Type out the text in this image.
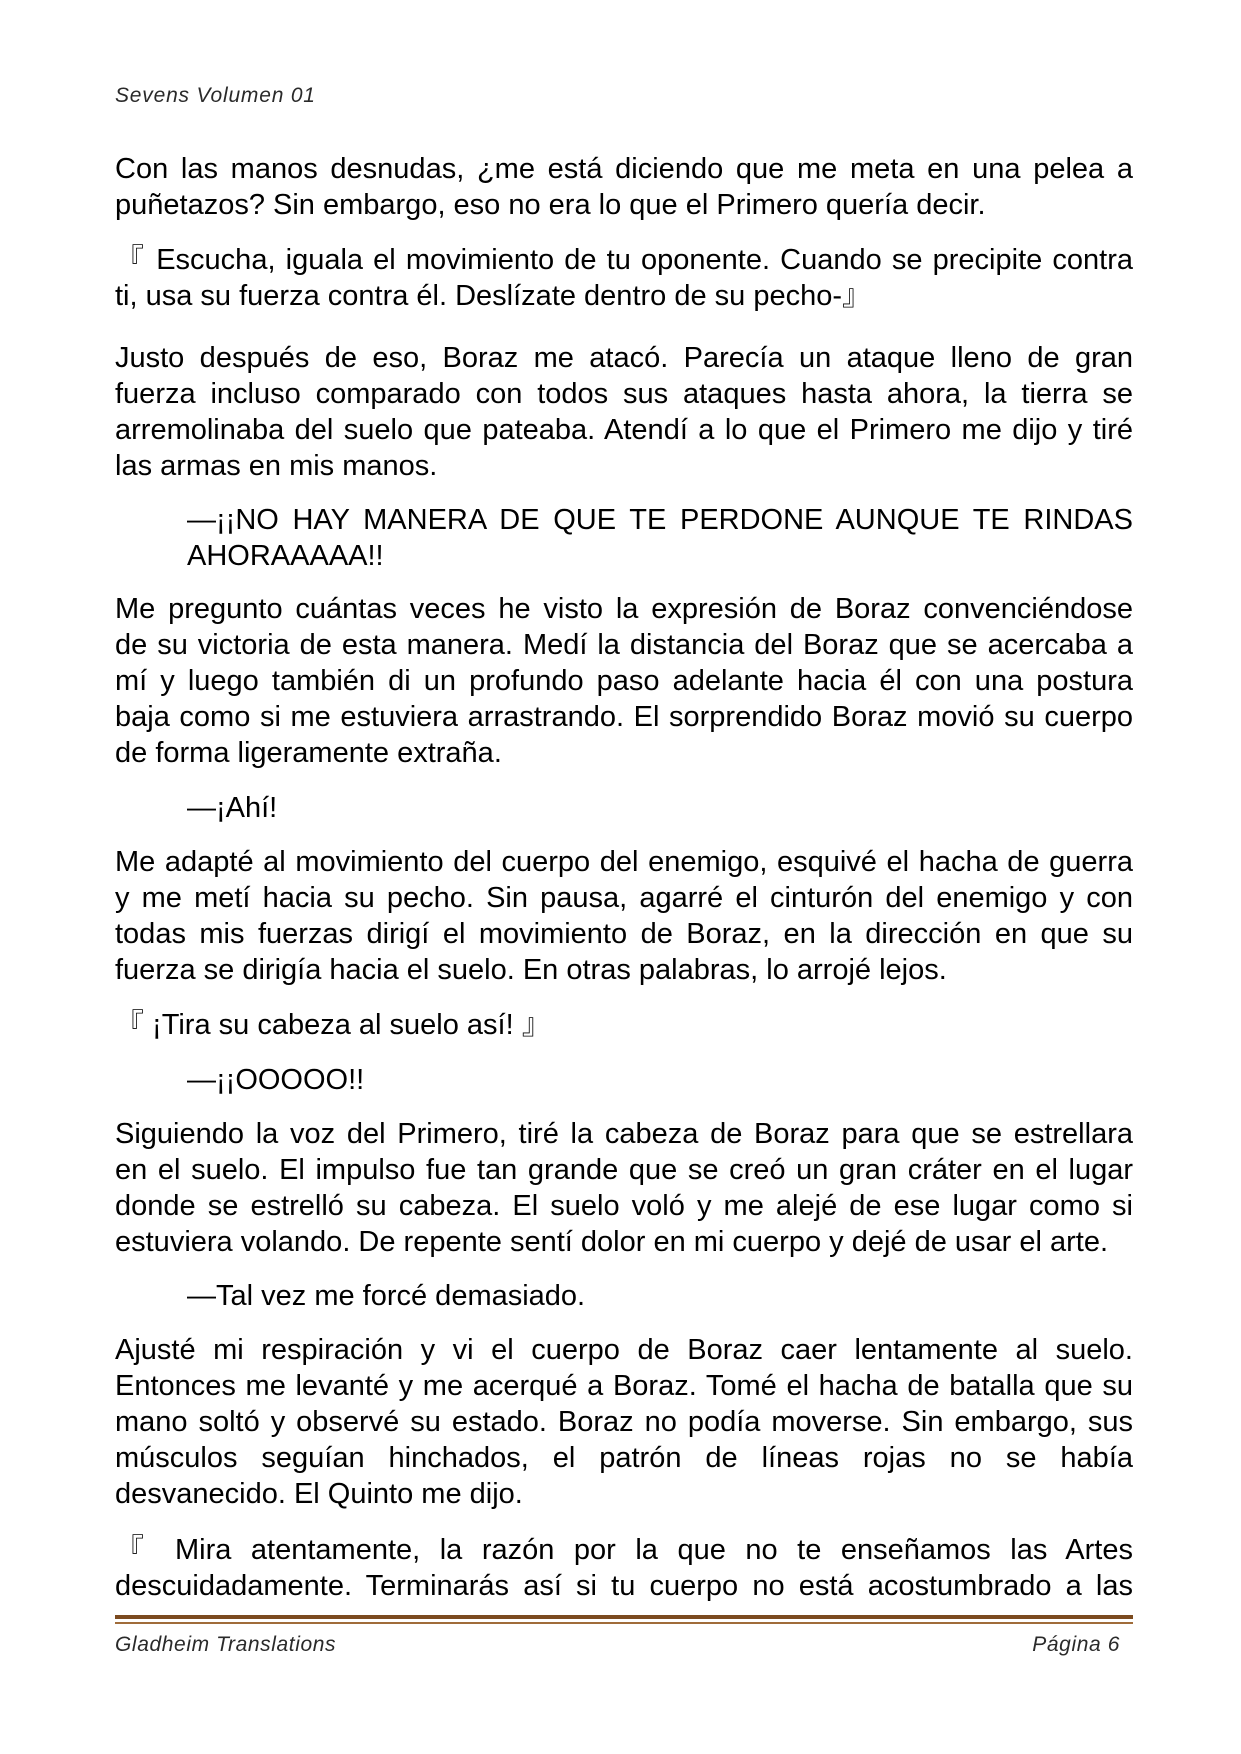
Sevens Volumen 01
Con las manos desnudas, ¿me está diciendo que me meta en una pelea a
puñetazos? Sin embargo, eso no era lo que el Primero quería decir.
『 Escucha, iguala el movimiento de tu oponente. Cuando se precipite contra
ti, usa su fuerza contra él. Deslízate dentro de su pecho-』
Justo después de eso, Boraz me atacó. Parecía un ataque lleno de gran
fuerza incluso comparado con todos sus ataques hasta ahora, la tierra se
arremolinaba del suelo que pateaba. Atendí a lo que el Primero me dijo y tiré
las armas en mis manos.
—¡¡NO HAY MANERA DE QUE TE PERDONE AUNQUE TE RINDAS
AHORAAAAA!!
Me pregunto cuántas veces he visto la expresión de Boraz convenciéndose
de su victoria de esta manera. Medí la distancia del Boraz que se acercaba a
mí y luego también di un profundo paso adelante hacia él con una postura
baja como si me estuviera arrastrando. El sorprendido Boraz movió su cuerpo
de forma ligeramente extraña.
—¡Ahí!
Me adapté al movimiento del cuerpo del enemigo, esquivé el hacha de guerra
y me metí hacia su pecho. Sin pausa, agarré el cinturón del enemigo y con
todas mis fuerzas dirigí el movimiento de Boraz, en la dirección en que su
fuerza se dirigía hacia el suelo. En otras palabras, lo arrojé lejos.
『 ¡Tira su cabeza al suelo así! 』
—¡¡OOOOO!!
Siguiendo la voz del Primero, tiré la cabeza de Boraz para que se estrellara
en el suelo. El impulso fue tan grande que se creó un gran cráter en el lugar
donde se estrelló su cabeza. El suelo voló y me alejé de ese lugar como si
estuviera volando. De repente sentí dolor en mi cuerpo y dejé de usar el arte.
—Tal vez me forcé demasiado.
Ajusté mi respiración y vi el cuerpo de Boraz caer lentamente al suelo.
Entonces me levanté y me acerqué a Boraz. Tomé el hacha de batalla que su
mano soltó y observé su estado. Boraz no podía moverse. Sin embargo, sus
músculos seguían hinchados, el patrón de líneas rojas no se había
desvanecido. El Quinto me dijo.
『 Mira atentamente, la razón por la que no te enseñamos las Artes
descuidadamente. Terminarás así si tu cuerpo no está acostumbrado a las
Gladheim Translations	Página 6
